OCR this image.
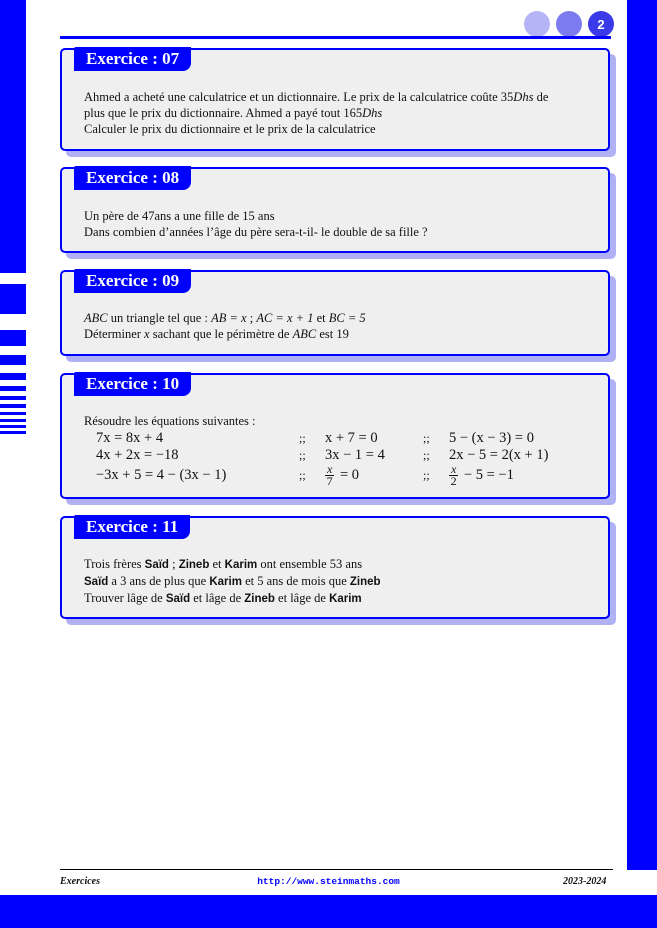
2
Exercice : 07

Ahmed a acheté une calculatrice et un dictionnaire. Le prix de la calculatrice coûte 35Dhs de

plus que le prix du dictionnaire. Ahmed a payé tout 165Dhs

Calculer le prix du dictionnaire et le prix de la calculatrice

Exercice : 08

Un père de 47ans a une fille de 15 ans

Dans combien d’années l’âge du père sera-t-il- le double de sa fille ?

Exercice : 09

ABC un triangle tel que : AB = x ; AC = x + 1 et BC = 5

Déterminer x sachant que le périmètre de ABC est 19

Exercice : 10

Résoudre les équations suivantes :

7x = 8x + 4	;;	x + 7 = 0	;;	5 − (x − 3) = 0
4x + 2x = −18	;;	3x − 1 = 4	;;	2x − 5 = 2(x + 1)
−3x + 5 = 4 − (3x − 1)	;;	$\frac{x}{7} = 0$	;;	$\frac{x}{2} - 5 = -1$
Exercice : 11

Trois frères Saïd ; Zineb et Karim ont ensemble 53 ans

Saïd a 3 ans de plus que Karim et 5 ans de mois que Zineb

Trouver lâge de Saïd et lâge de Zineb et lâge de Karim

Exercices	http://www.steinmaths.com	2023-2024
